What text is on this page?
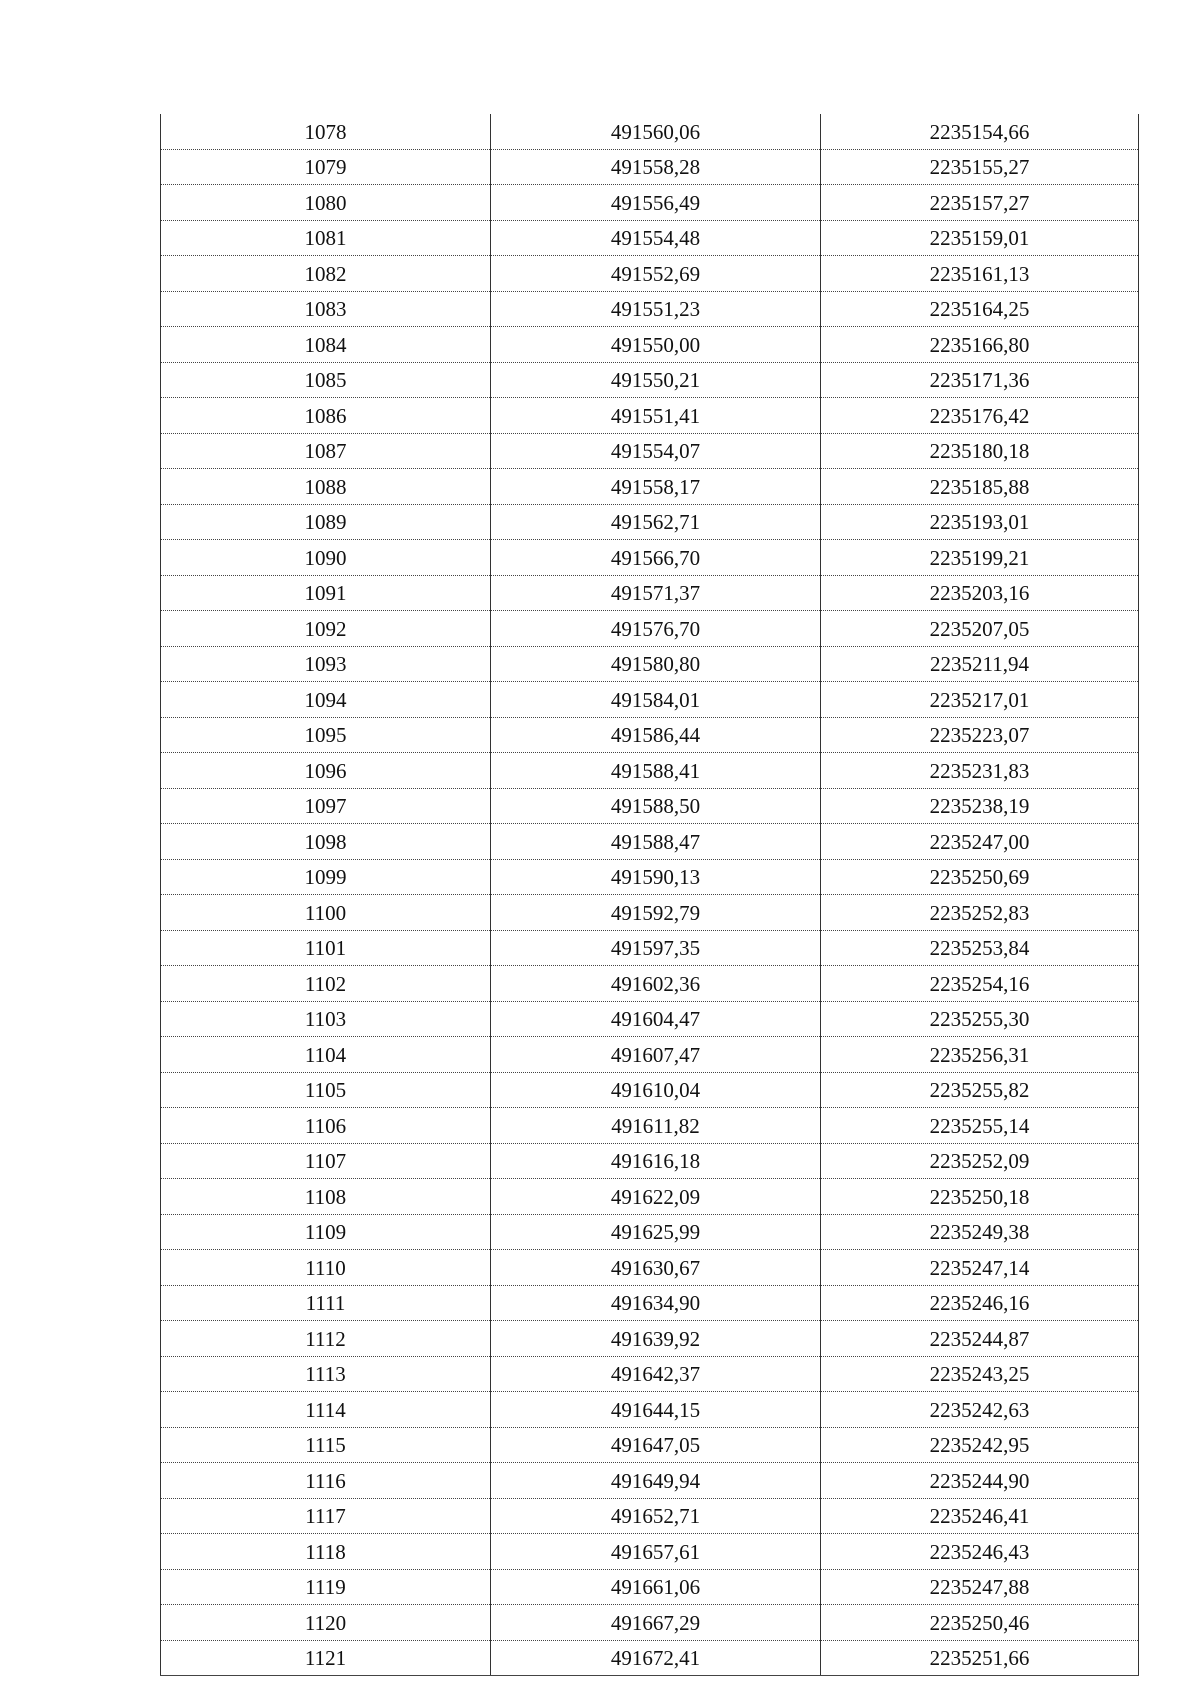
1078	491560,06	2235154,66
1079	491558,28	2235155,27
1080	491556,49	2235157,27
1081	491554,48	2235159,01
1082	491552,69	2235161,13
1083	491551,23	2235164,25
1084	491550,00	2235166,80
1085	491550,21	2235171,36
1086	491551,41	2235176,42
1087	491554,07	2235180,18
1088	491558,17	2235185,88
1089	491562,71	2235193,01
1090	491566,70	2235199,21
1091	491571,37	2235203,16
1092	491576,70	2235207,05
1093	491580,80	2235211,94
1094	491584,01	2235217,01
1095	491586,44	2235223,07
1096	491588,41	2235231,83
1097	491588,50	2235238,19
1098	491588,47	2235247,00
1099	491590,13	2235250,69
1100	491592,79	2235252,83
1101	491597,35	2235253,84
1102	491602,36	2235254,16
1103	491604,47	2235255,30
1104	491607,47	2235256,31
1105	491610,04	2235255,82
1106	491611,82	2235255,14
1107	491616,18	2235252,09
1108	491622,09	2235250,18
1109	491625,99	2235249,38
1110	491630,67	2235247,14
1111	491634,90	2235246,16
1112	491639,92	2235244,87
1113	491642,37	2235243,25
1114	491644,15	2235242,63
1115	491647,05	2235242,95
1116	491649,94	2235244,90
1117	491652,71	2235246,41
1118	491657,61	2235246,43
1119	491661,06	2235247,88
1120	491667,29	2235250,46
1121	491672,41	2235251,66
